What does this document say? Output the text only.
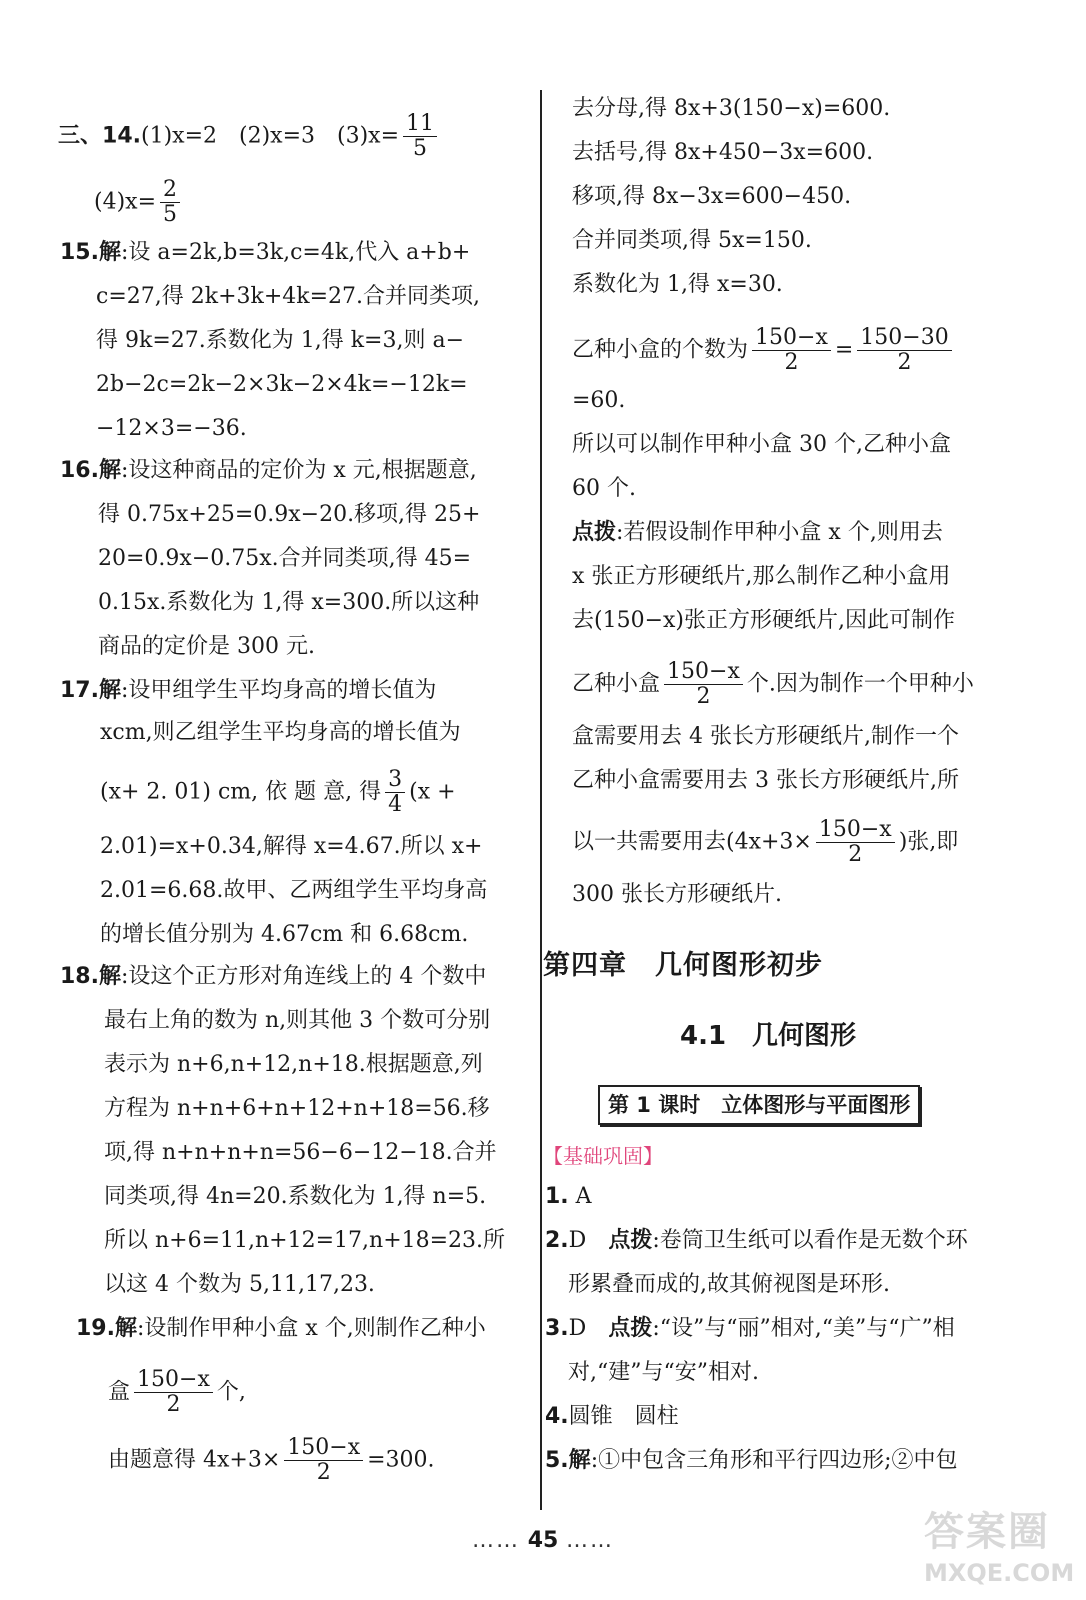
三、14.(1)x=2　(2)x=3　$(3)x= \frac{11}{5}$
$(4)x= \frac{2}{5}$
15.解:设 a=2k,b=3k,c=4k,代入 a+b+
c=27,得 2k+3k+4k=27.合并同类项,
得 9k=27.系数化为 1,得 k=3,则 a−
2b−2c=2k−2×3k−2×4k=−12k=
−12×3=−36.
16.解:设这种商品的定价为 x 元,根据题意,
得 0.75x+25=0.9x−20.移项,得 25+
20=0.9x−0.75x.合并同类项,得 45=
0.15x.系数化为 1,得 x=300.所以这种
商品的定价是 300 元.
17.解:设甲组学生平均身高的增长值为
xcm,则乙组学生平均身高的增长值为
(x+ 2. 01) cm, 依 题 意, 得 $\frac{3}{4} (x$ +
2.01)=x+0.34,解得 x=4.67.所以 x+
2.01=6.68.故甲、乙两组学生平均身高
的增长值分别为 4.67cm 和 6.68cm.
18.解:设这个正方形对角连线上的 4 个数中
最右上角的数为 n,则其他 3 个数可分别
表示为 n+6,n+12,n+18.根据题意,列
方程为 n+n+6+n+12+n+18=56.移
项,得 n+n+n+n=56−6−12−18.合并
同类项,得 4n=20.系数化为 1,得 n=5.
所以 n+6=11,n+12=17,n+18=23.所
以这 4 个数为 5,11,17,23.
19.解:设制作甲种小盒 x 个,则制作乙种小
盒 $\frac{150-x}{2}$ 个,
由题意得 $4x+3\times \frac{150-x}{2} =300$.
去分母,得 8x+3(150−x)=600.
去括号,得 8x+450−3x=600.
移项,得 8x−3x=600−450.
合并同类项,得 5x=150.
系数化为 1,得 x=30.
乙种小盒的个数为 $\frac{150-x}{2} = \frac{150-30}{2}$
=60.
所以可以制作甲种小盒 30 个,乙种小盒
60 个.
点拨:若假设制作甲种小盒 x 个,则用去
x 张正方形硬纸片,那么制作乙种小盒用
去(150−x)张正方形硬纸片,因此可制作
乙种小盒 $\frac{150-x}{2}$ 个.因为制作一个甲种小
盒需要用去 4 张长方形硬纸片,制作一个
乙种小盒需要用去 3 张长方形硬纸片,所
以一共需要用去($4x+3\times \frac{150-x}{2}$ )张,即
300 张长方形硬纸片.
第四章　几何图形初步
4.1　几何图形
第 1 课时　立体图形与平面图形
【基础巩固】
1. A
2.D　点拨:卷筒卫生纸可以看作是无数个环
形累叠而成的,故其俯视图是环形.
3.D　点拨:“设”与“丽”相对,“美”与“广”相
对,“建”与“安”相对.
4.圆锥　圆柱
5.解:①中包含三角形和平行四边形;②中包
…… 45 ……	答案圈
MXQE.COM
